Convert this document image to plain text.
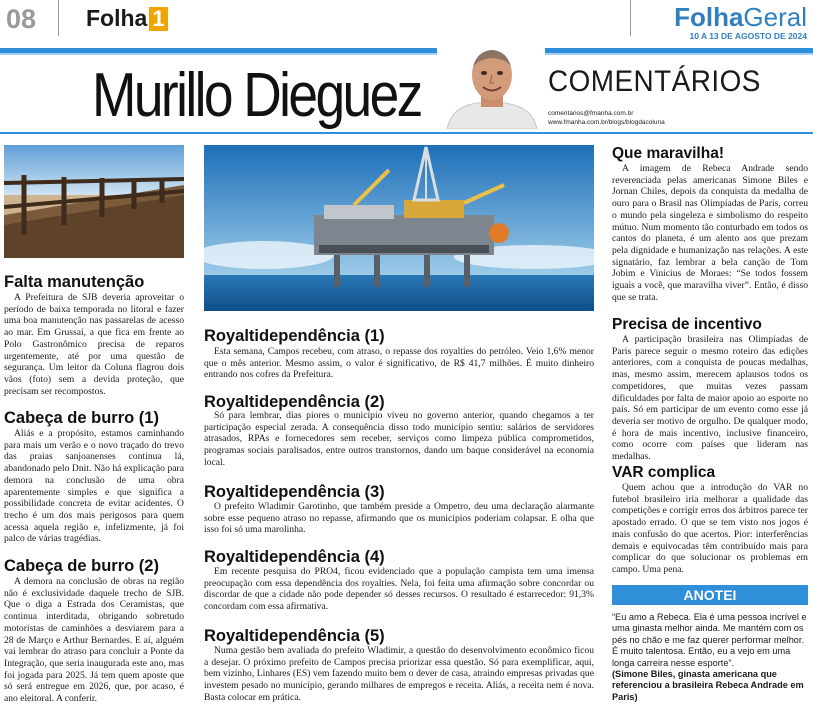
08 Folha 1	FolhaGeral
10 A 13 DE AGOSTO DE 2024
Murillo Dieguez	COMENTÁRIOS
comentarios@fmanha.com.br
www.fmanha.com.br/blogs/blogdacoluna
Falta manutenção

A Prefeitura de SJB deveria aproveitar o período de baixa temporada no litoral e fazer uma boa manutenção nas passarelas de acesso ao mar. Em Grussaí, a que fica em frente ao Polo Gastronômico precisa de reparos urgentemente, até por uma questão de segurança. Um leitor da Coluna flagrou dois vãos (foto) sem a devida proteção, que precisam ser recompostos.

Cabeça de burro (1)

Aliás e a propósito, estamos caminhando para mais um verão e o novo traçado do trevo das praias sanjoanenses continua lá, abandonado pelo Dnit. Não há explicação para demora na conclusão de uma obra aparentemente simples e que significa a possibilidade concreta de evitar acidentes. O trecho é um dos mais perigosos para quem acessa aquela região e, infelizmente, já foi palco de várias tragédias.

Cabeça de burro (2)

A demora na conclusão de obras na região não é exclusividade daquele trecho de SJB. Que o diga a Estrada dos Ceramistas, que continua interditada, obrigando sobretudo motoristas de caminhões a desviarem para a 28 de Março e Arthur Bernardes. E aí, alguém vai lembrar do atraso para concluir a Ponte da Integração, que seria inaugurada este ano, mas foi jogada para 2025. Já tem quem aposte que só será entregue em 2026, que, por acaso, é ano eleitoral. A conferir.

Royaltidependência (1)

Esta semana, Campos recebeu, com atraso, o repasse dos royalties do petróleo. Veio 1,6% menor que o mês anterior. Mesmo assim, o valor é significativo, de R$ 41,7 milhões. É muito dinheiro entrando nos cofres da Prefeitura.

Royaltidependência (2)

Só para lembrar, dias piores o município viveu no governo anterior, quando chegamos a ter participação especial zerada. A consequência disso todo município sentiu: salários de servidores atrasados, RPAs e fornecedores sem receber, serviços como limpeza pública comprometidos, programas sociais paralisados, entre outros transtornos, dando um baque considerável na economia local.

Royaltidependência (3)

O prefeito Wladimir Garotinho, que também preside a Ompetro, deu uma declaração alarmante sobre esse pequeno atraso no repasse, afirmando que os municípios poderiam colapsar. E olha que isso foi só uma marolinha.

Royaltidependência (4)

Em recente pesquisa do PRO4, ficou evidenciado que a população campista tem uma imensa preocupação com essa dependência dos royalties. Nela, foi feita uma afirmação sobre concordar ou discordar de que a cidade não pode depender só desses recursos. O resultado é estarrecedor: 91,3% concordam com essa afirmativa.

Royaltidependência (5)

Numa gestão bem avaliada do prefeito Wladimir, a questão do desenvolvimento econômico ficou a desejar. O próximo prefeito de Campos precisa priorizar essa questão. Só para exemplificar, aqui, bem vizinho, Linhares (ES) vem fazendo muito bem o dever de casa, atraindo empresas privadas que investem pesado no município, gerando milhares de empregos e receita. Aliás, a receita nem é nova. Basta colocar em prática.

Que maravilha!

A imagem de Rebeca Andrade sendo reverenciada pelas americanas Simone Biles e Jornan Chiles, depois da conquista da medalha de ouro para o Brasil nas Olimpíadas de Paris, correu o mundo pela singeleza e simbolismo do respeito mútuo. Num momento tão conturbado em todos os cantos do planeta, é um alento aos que prezam pela dignidade e humanização nas relações. A este signatário, faz lembrar a bela canção de Tom Jobim e Vinicius de Moraes: “Se todos fossem iguais a você, que maravilha viver”. Então, é disso que se trata.

Precisa de incentivo

A participação brasileira nas Olimpíadas de Paris parece seguir o mesmo roteiro das edições anteriores, com a conquista de poucas medalhas, mas, mesmo assim, merecem aplausos todos os competidores, que muitas vezes passam dificuldades por falta de maior apoio ao esporte no país. Só em participar de um evento como esse já deveria ser motivo de orgulho. De qualquer modo, é hora de mais incentivo, inclusive financeiro, como ocorre com países que lideram nas medalhas.

VAR complica

Quem achou que a introdução do VAR no futebol brasileiro iria melhorar a qualidade das competições e corrigir erros dos árbitros parece ter apostado errado. O que se tem visto nos jogos é mais confusão do que acertos. Pior: interferências demais e equivocadas têm contribuído mais para complicar do que solucionar os problemas em campo. Uma pena.

ANOTEI
“Eu amo a Rebeca. Ela é uma pessoa incrível e uma ginasta melhor ainda. Me mantém com os pés no chão e me faz querer performar melhor. É muito talentosa. Então, eu a vejo em uma longa carreira nesse esporte”.
(Simone Biles, ginasta americana que referenciou a brasileira Rebeca Andrade em Paris)
